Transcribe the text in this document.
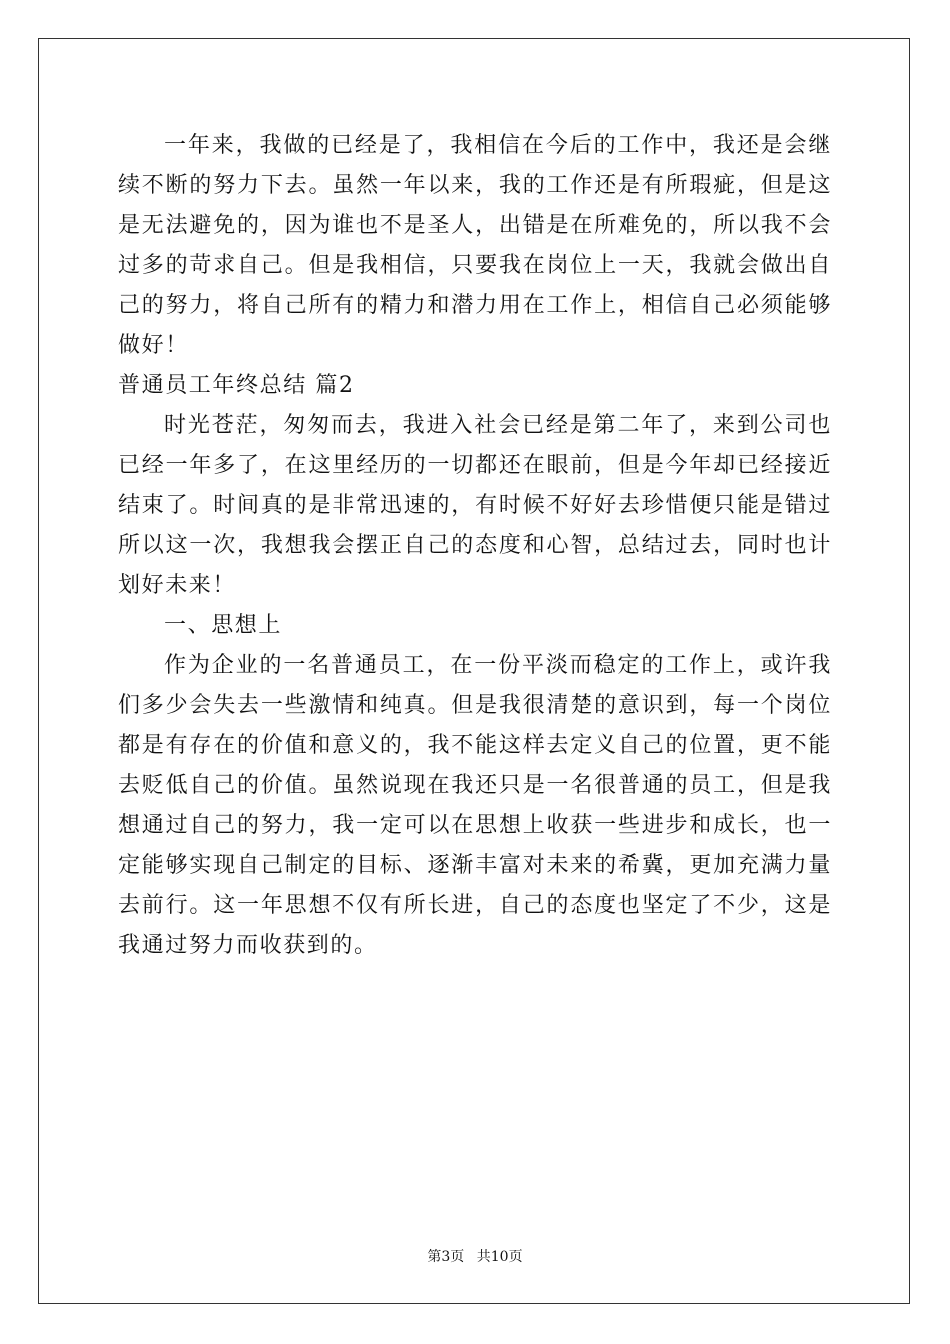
一年来，我做的已经是了，我相信在今后的工作中，我还是会继续不断的努力下去。虽然一年以来，我的工作还是有所瑕疵，但是这是无法避免的，因为谁也不是圣人，出错是在所难免的，所以我不会过多的苛求自己。但是我相信，只要我在岗位上一天，我就会做出自己的努力，将自己所有的精力和潜力用在工作上，相信自己必须能够做好！

普通员工年终总结 篇2

时光苍茫，匆匆而去，我进入社会已经是第二年了，来到公司也已经一年多了，在这里经历的一切都还在眼前，但是今年却已经接近结束了。时间真的是非常迅速的，有时候不好好去珍惜便只能是错过所以这一次，我想我会摆正自己的态度和心智，总结过去，同时也计划好未来！

一、思想上

作为企业的一名普通员工，在一份平淡而稳定的工作上，或许我们多少会失去一些激情和纯真。但是我很清楚的意识到，每一个岗位都是有存在的价值和意义的，我不能这样去定义自己的位置，更不能去贬低自己的价值。虽然说现在我还只是一名很普通的员工，但是我想通过自己的努力，我一定可以在思想上收获一些进步和成长，也一定能够实现自己制定的目标、逐渐丰富对未来的希冀，更加充满力量去前行。这一年思想不仅有所长进，自己的态度也坚定了不少，这是我通过努力而收获到的。

第3页 共10页
